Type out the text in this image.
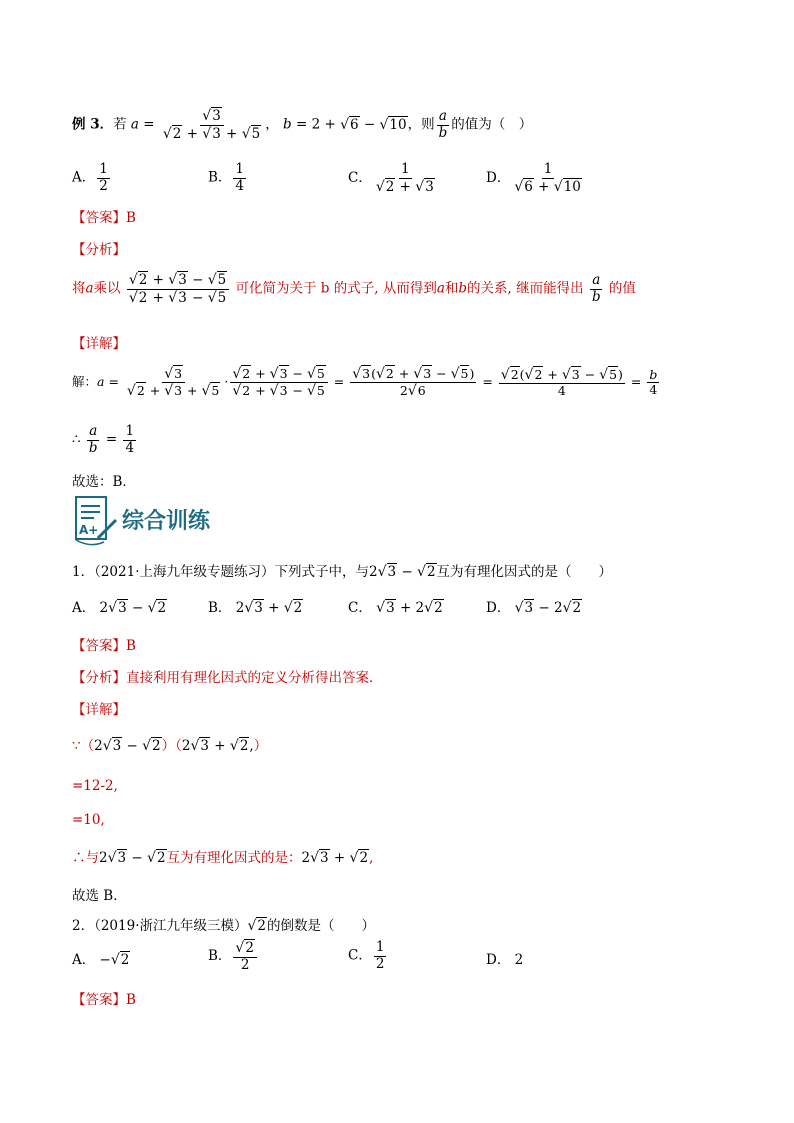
例 3．若 $a = \frac{√3}{√2 + √3 + √5}$ ， b = 2 + √6 − √10，则 $\frac{a}{b}$ 的值为（　）
A． $\frac{1}{2}$	B． $\frac{1}{4}$	C． $\frac{1}{√2 + √3}$	D． $\frac{1}{√6 + √10}$
【答案】B
【分析】
将a乘以 $\frac{√2 + √3 - √5}{√2 + √3 - √5}$ 可化简为关于 b 的式子, 从而得到a和b的关系, 继而能得出 $\frac{a}{b}$ 的值
【详解】
解：$a = \frac{√3}{√2 + √3 + √5} \cdot \frac{√2 + √3 - √5}{√2 + √3 - √5} = \frac{√3(√2 + √3 - √5)}{2√6} = \frac{√2(√2 + √3 - √5)}{4} = \frac{b}{4}$
∴ $\frac{a}{b} = \frac{1}{4}$
故选：B．
A+ 综合训练
1．（2021·上海九年级专题练习）下列式子中，与2√3 − √2互为有理化因式的是（　　）
A． 2√3 − √2	B． 2√3 + √2	C． √3 + 2√2	D． √3 − 2√2
【答案】B
【分析】直接利用有理化因式的定义分析得出答案．
【详解】
∵（2√3 − √2）（2√3 + √2,）
=12-2,
=10,
∴与2√3 − √2互为有理化因式的是：2√3 + √2,
故选 B．
2．（2019·浙江九年级三模）√2的倒数是（　　）
A． −√2	B． $\frac{√2}{2}$	C． $\frac{1}{2}$	D． 2
【答案】B
